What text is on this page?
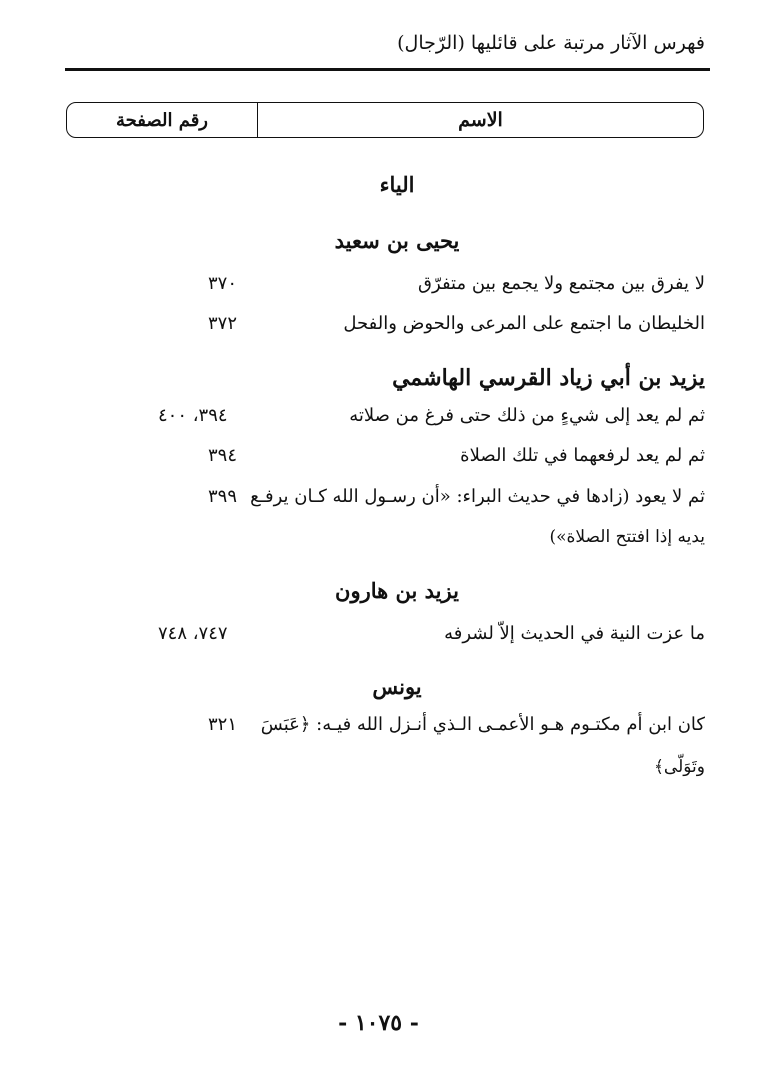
فهرس الآثار مرتبة على قائليها (الرّجال)
الاسم
رقم الصفحة
الياء
يحيى بن سعيد
لا يفرق بين مجتمع ولا يجمع بين متفرّق
٣٧٠
الخليطان ما اجتمع على المرعى والحوض والفحل
٣٧٢
يزيد بن أبي زياد القرسي الهاشمي
ثم لم يعد إلى شيءٍ من ذلك حتى فرغ من صلاته
٣٩٤، ٤٠٠
ثم لم يعد لرفعهما في تلك الصلاة
٣٩٤
ثم لا يعود (زادها في حديث البراء: «أن رسـول الله كـان يرفـع
٣٩٩
يديه إذا افتتح الصلاة»)
يزيد بن هارون
ما عزت النية في الحديث إلاّ لشرفه
٧٤٧، ٧٤٨
يونس
كان ابن أم مكتـوم هـو الأعمـى الـذي أنـزل الله فيـه: ﴿عَبَسَ
٣٢١
وتَوَلّى﴾
- ١٠٧٥ -
